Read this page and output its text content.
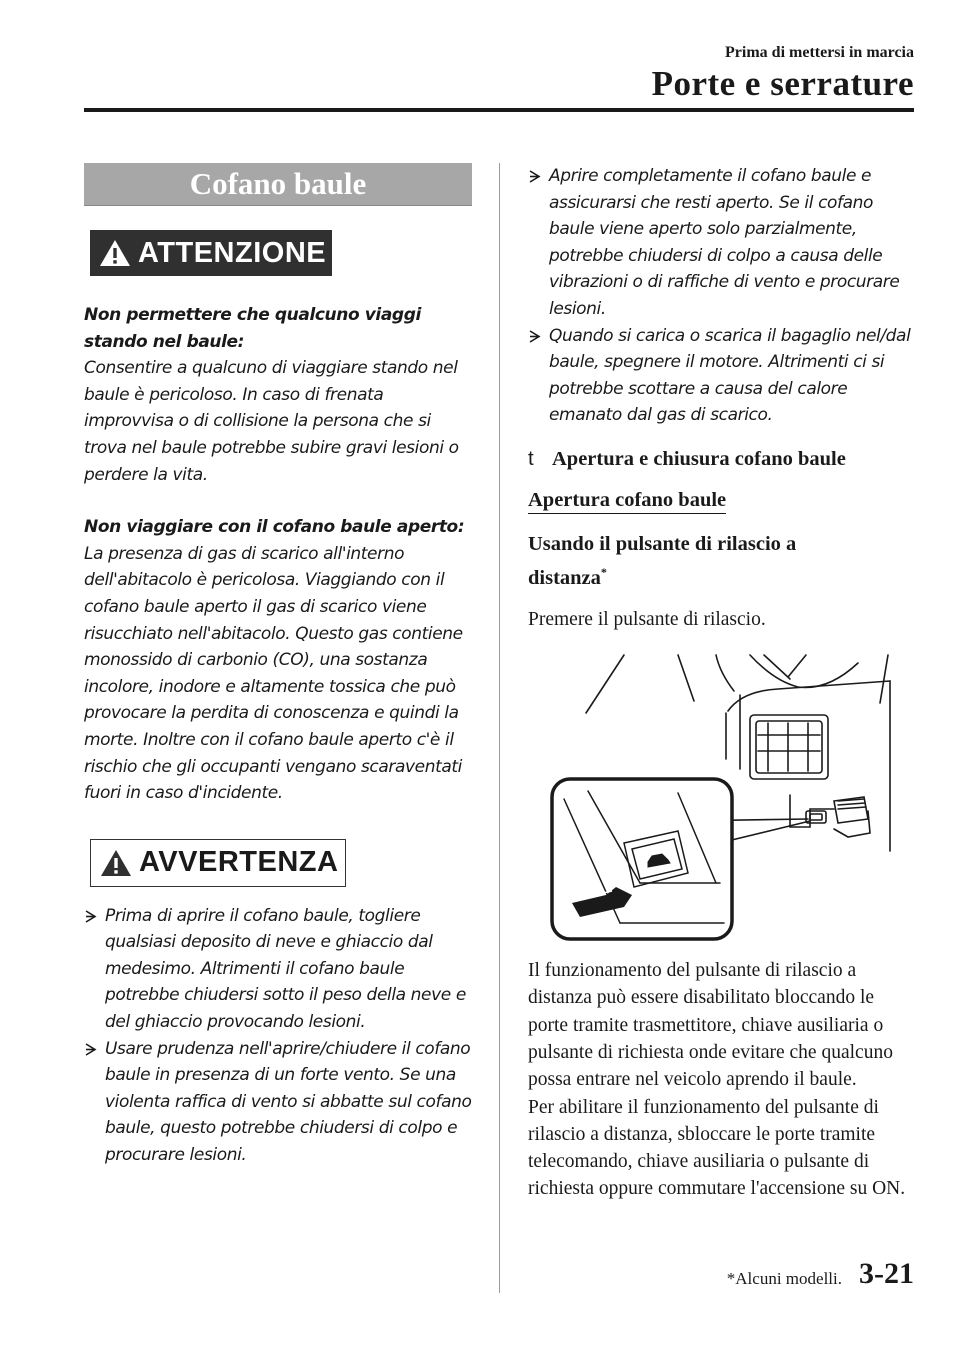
Prima di mettersi in marcia
Porte e serrature
Cofano baule
ATTENZIONE

Non permettere che qualcuno viaggi stando nel baule:

Consentire a qualcuno di viaggiare stando nel baule è pericoloso. In caso di frenata improvvisa o di collisione la persona che si trova nel baule potrebbe subire gravi lesioni o perdere la vita.

Non viaggiare con il cofano baule aperto:

La presenza di gas di scarico all'interno dell'abitacolo è pericolosa. Viaggiando con il cofano baule aperto il gas di scarico viene risucchiato nell'abitacolo. Questo gas contiene monossido di carbonio (CO), una sostanza incolore, inodore e altamente tossica che può provocare la perdita di conoscenza e quindi la morte. Inoltre con il cofano baule aperto c'è il rischio che gli occupanti vengano scaraventati fuori in caso d'incidente.

AVVERTENZA
Prima di aprire il cofano baule, togliere qualsiasi deposito di neve e ghiaccio dal medesimo. Altrimenti il cofano baule potrebbe chiudersi sotto il peso della neve e del ghiaccio provocando lesioni.
Usare prudenza nell'aprire/chiudere il cofano baule in presenza di un forte vento. Se una violenta raffica di vento si abbatte sul cofano baule, questo potrebbe chiudersi di colpo e procurare lesioni.
Aprire completamente il cofano baule e assicurarsi che resti aperto. Se il cofano baule viene aperto solo parzialmente, potrebbe chiudersi di colpo a causa delle vibrazioni o di raffiche di vento e procurare lesioni.
Quando si carica o scarica il bagaglio nel/dal baule, spegnere il motore. Altrimenti ci si potrebbe scottare a causa del calore emanato dal gas di scarico.
t Apertura e chiusura cofano baule
Apertura cofano baule
Usando il pulsante di rilascio a distanza*
Premere il pulsante di rilascio.

Il funzionamento del pulsante di rilascio a distanza può essere disabilitato bloccando le porte tramite trasmettitore, chiave ausiliaria o pulsante di richiesta onde evitare che qualcuno possa entrare nel veicolo aprendo il baule.

Per abilitare il funzionamento del pulsante di rilascio a distanza, sbloccare le porte tramite telecomando, chiave ausiliaria o pulsante di richiesta oppure commutare l'accensione su ON.

*Alcuni modelli. 3-21
